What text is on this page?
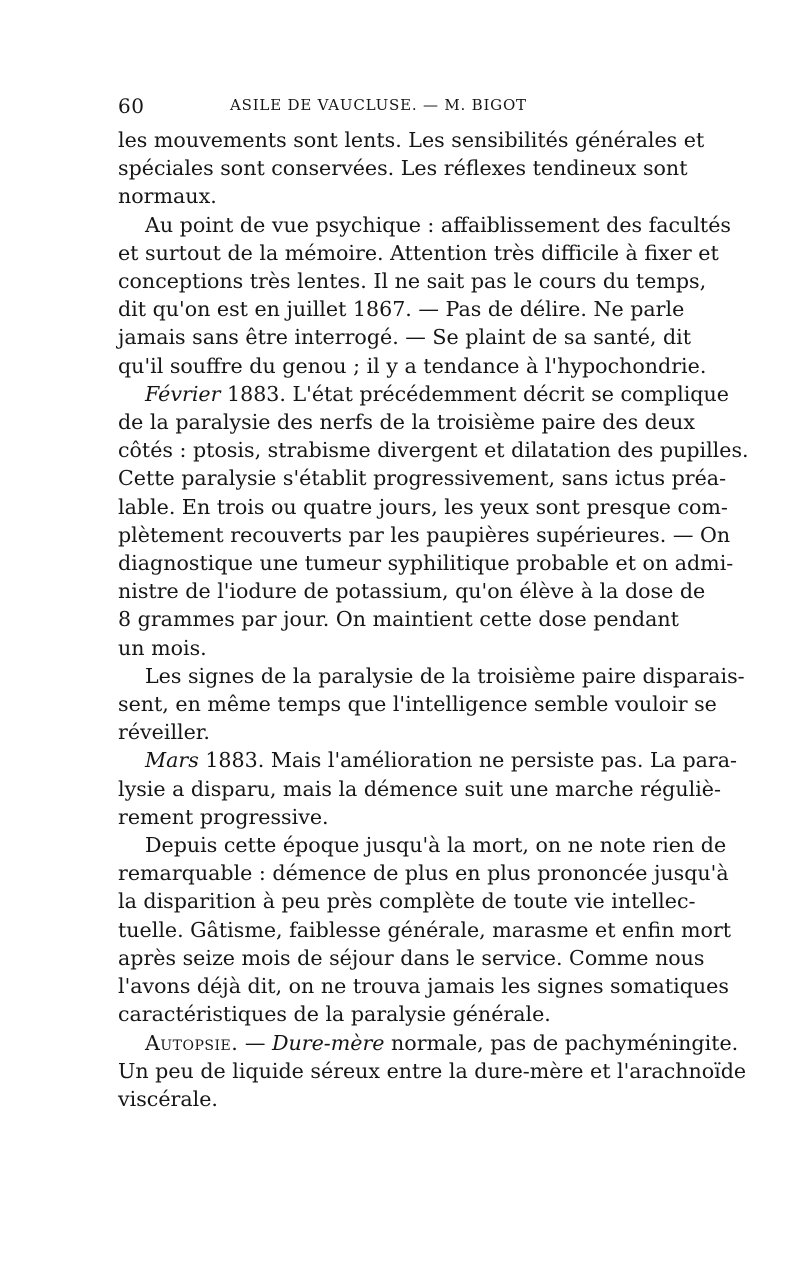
60	ASILE DE VAUCLUSE. — M. BIGOT

les mouvements sont lents. Les sensibilités générales et
spéciales sont conservées. Les réflexes tendineux sont
normaux.

Au point de vue psychique : affaiblissement des facultés
et surtout de la mémoire. Attention très difficile à fixer et
conceptions très lentes. Il ne sait pas le cours du temps,
dit qu'on est en juillet 1867. — Pas de délire. Ne parle
jamais sans être interrogé. — Se plaint de sa santé, dit
qu'il souffre du genou ; il y a tendance à l'hypochondrie.

Février 1883. L'état précédemment décrit se complique
de la paralysie des nerfs de la troisième paire des deux
côtés : ptosis, strabisme divergent et dilatation des pupilles.
Cette paralysie s'établit progressivement, sans ictus préa-
lable. En trois ou quatre jours, les yeux sont presque com-
plètement recouverts par les paupières supérieures. — On
diagnostique une tumeur syphilitique probable et on admi-
nistre de l'iodure de potassium, qu'on élève à la dose de
8 grammes par jour. On maintient cette dose pendant
un mois.

Les signes de la paralysie de la troisième paire disparais-
sent, en même temps que l'intelligence semble vouloir se
réveiller.

Mars 1883. Mais l'amélioration ne persiste pas. La para-
lysie a disparu, mais la démence suit une marche réguliè-
rement progressive.

Depuis cette époque jusqu'à la mort, on ne note rien de
remarquable : démence de plus en plus prononcée jusqu'à
la disparition à peu près complète de toute vie intellec-
tuelle. Gâtisme, faiblesse générale, marasme et enfin mort
après seize mois de séjour dans le service. Comme nous
l'avons déjà dit, on ne trouva jamais les signes somatiques
caractéristiques de la paralysie générale.

Autopsie. — Dure-mère normale, pas de pachyméningite.
Un peu de liquide séreux entre la dure-mère et l'arachnoïde
viscérale.
